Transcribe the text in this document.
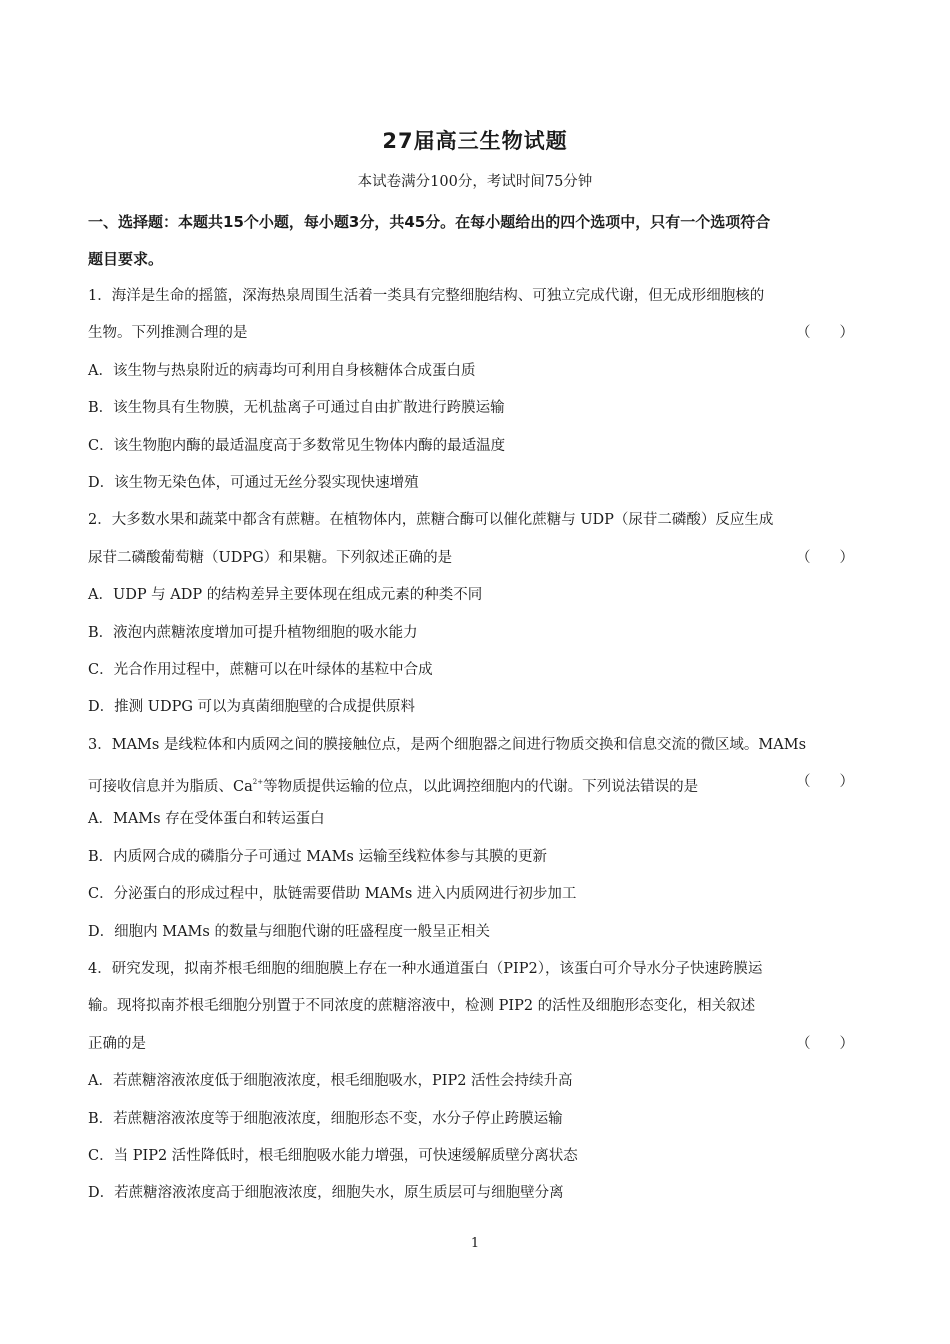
27届高三生物试题
本试卷满分100分，考试时间75分钟
一、选择题：本题共15个小题，每小题3分，共45分。在每小题给出的四个选项中，只有一个选项符合
题目要求。
1．海洋是生命的摇篮，深海热泉周围生活着一类具有完整细胞结构、可独立完成代谢，但无成形细胞核的
生物。下列推测合理的是	（　　）
A．该生物与热泉附近的病毒均可利用自身核糖体合成蛋白质
B．该生物具有生物膜，无机盐离子可通过自由扩散进行跨膜运输
C．该生物胞内酶的最适温度高于多数常见生物体内酶的最适温度
D．该生物无染色体，可通过无丝分裂实现快速增殖
2．大多数水果和蔬菜中都含有蔗糖。在植物体内，蔗糖合酶可以催化蔗糖与 UDP（尿苷二磷酸）反应生成
尿苷二磷酸葡萄糖（UDPG）和果糖。下列叙述正确的是	（　　）
A．UDP 与 ADP 的结构差异主要体现在组成元素的种类不同
B．液泡内蔗糖浓度增加可提升植物细胞的吸水能力
C．光合作用过程中，蔗糖可以在叶绿体的基粒中合成
D．推测 UDPG 可以为真菌细胞壁的合成提供原料
3．MAMs 是线粒体和内质网之间的膜接触位点，是两个细胞器之间进行物质交换和信息交流的微区域。MAMs
可接收信息并为脂质、$Ca^{2+}$等物质提供运输的位点，以此调控细胞内的代谢。下列说法错误的是	（　　）
A．MAMs 存在受体蛋白和转运蛋白
B．内质网合成的磷脂分子可通过 MAMs 运输至线粒体参与其膜的更新
C．分泌蛋白的形成过程中，肽链需要借助 MAMs 进入内质网进行初步加工
D．细胞内 MAMs 的数量与细胞代谢的旺盛程度一般呈正相关
4．研究发现，拟南芥根毛细胞的细胞膜上存在一种水通道蛋白（PIP2），该蛋白可介导水分子快速跨膜运
输。现将拟南芥根毛细胞分别置于不同浓度的蔗糖溶液中，检测 PIP2 的活性及细胞形态变化，相关叙述
正确的是	（　　）
A．若蔗糖溶液浓度低于细胞液浓度，根毛细胞吸水，PIP2 活性会持续升高
B．若蔗糖溶液浓度等于细胞液浓度，细胞形态不变，水分子停止跨膜运输
C．当 PIP2 活性降低时，根毛细胞吸水能力增强，可快速缓解质壁分离状态
D．若蔗糖溶液浓度高于细胞液浓度，细胞失水，原生质层可与细胞壁分离
1
